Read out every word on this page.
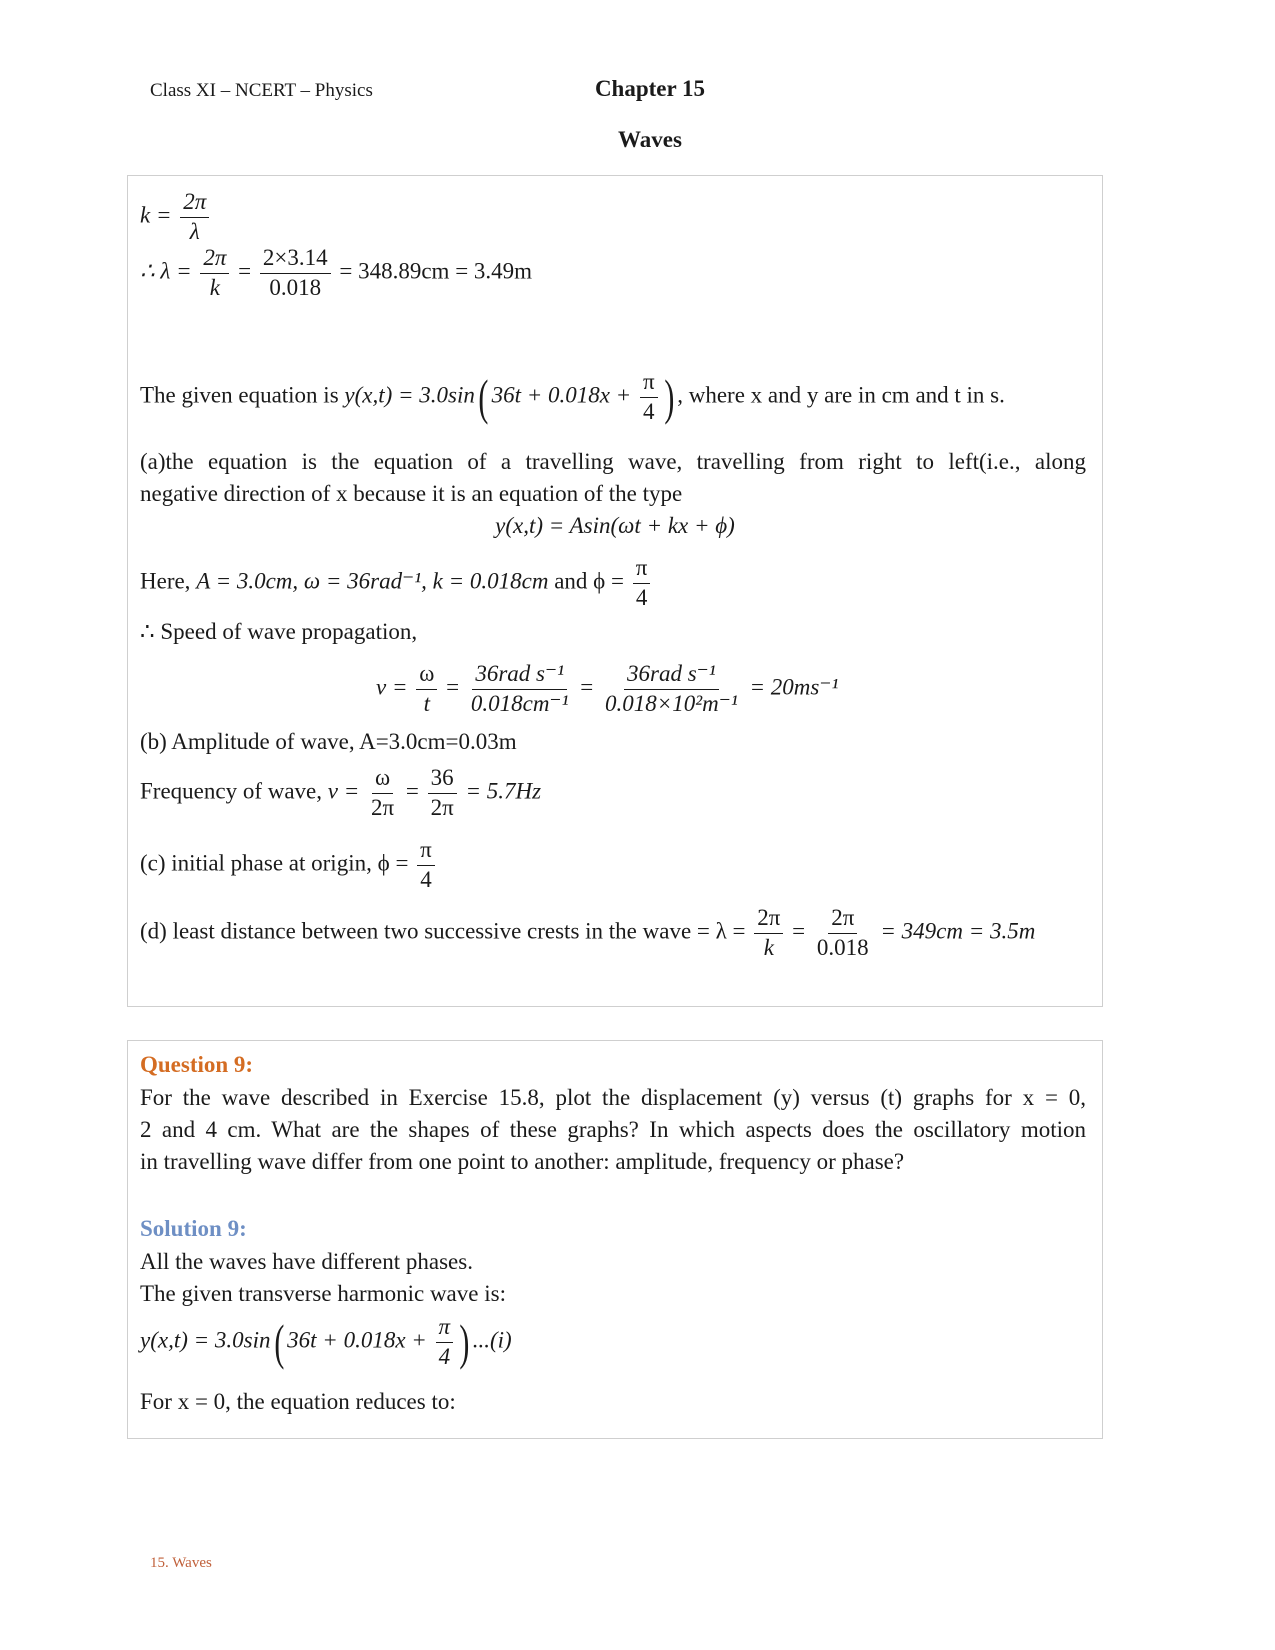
Class XI – NCERT – Physics	Chapter 15
Waves
$k = \frac{2\pi}{\lambda}$
∴ $\lambda = \frac{2\pi}{k} = \frac{2\times 3.14}{0.018} = 348.89cm = 3.49m$
The given equation is y(x,t) = 3.0sin( $36t + 0.018x + \frac{\pi}{4}$ ) , where x and y are in cm and t in s.
(a)the equation is the equation of a travelling wave, travelling from right to left(i.e., along
negative direction of x because it is an equation of the type
y(x,t) = Asin(ωt + kx + ϕ)
Here, A = 3.0cm, ω = 36rad⁻¹, k = 0.018cm and $\phi = \frac{\pi}{4}$
∴ Speed of wave propagation,
$v = \frac{\omega}{t} = \frac{\text{36rad s⁻¹}}{\text{0.018cm⁻¹}} = \frac{\text{36rad s⁻¹}}{\text{0.018×10²m⁻¹}} = 20ms^{-1}$
(b) Amplitude of wave, A=3.0cm=0.03m
Frequency of wave, $\nu = \frac{\omega}{2\pi} = \frac{36}{2\pi} = 5.7Hz$
(c) initial phase at origin, $\phi = \frac{\pi}{4}$
(d) least distance between two successive crests in the wave = $\lambda = \frac{2\pi}{k} = \frac{2\pi}{0.018} = 349cm = 3.5m$
Question 9:
For the wave described in Exercise 15.8, plot the displacement (y) versus (t) graphs for x = 0,
2 and 4 cm. What are the shapes of these graphs? In which aspects does the oscillatory motion
in travelling wave differ from one point to another: amplitude, frequency or phase?
Solution 9:
All the waves have different phases.
The given transverse harmonic wave is:
y(x,t) = 3.0sin( $36t + 0.018x + \frac{\pi}{4}$ ) ...(i)
For x = 0, the equation reduces to:
15. Waves
